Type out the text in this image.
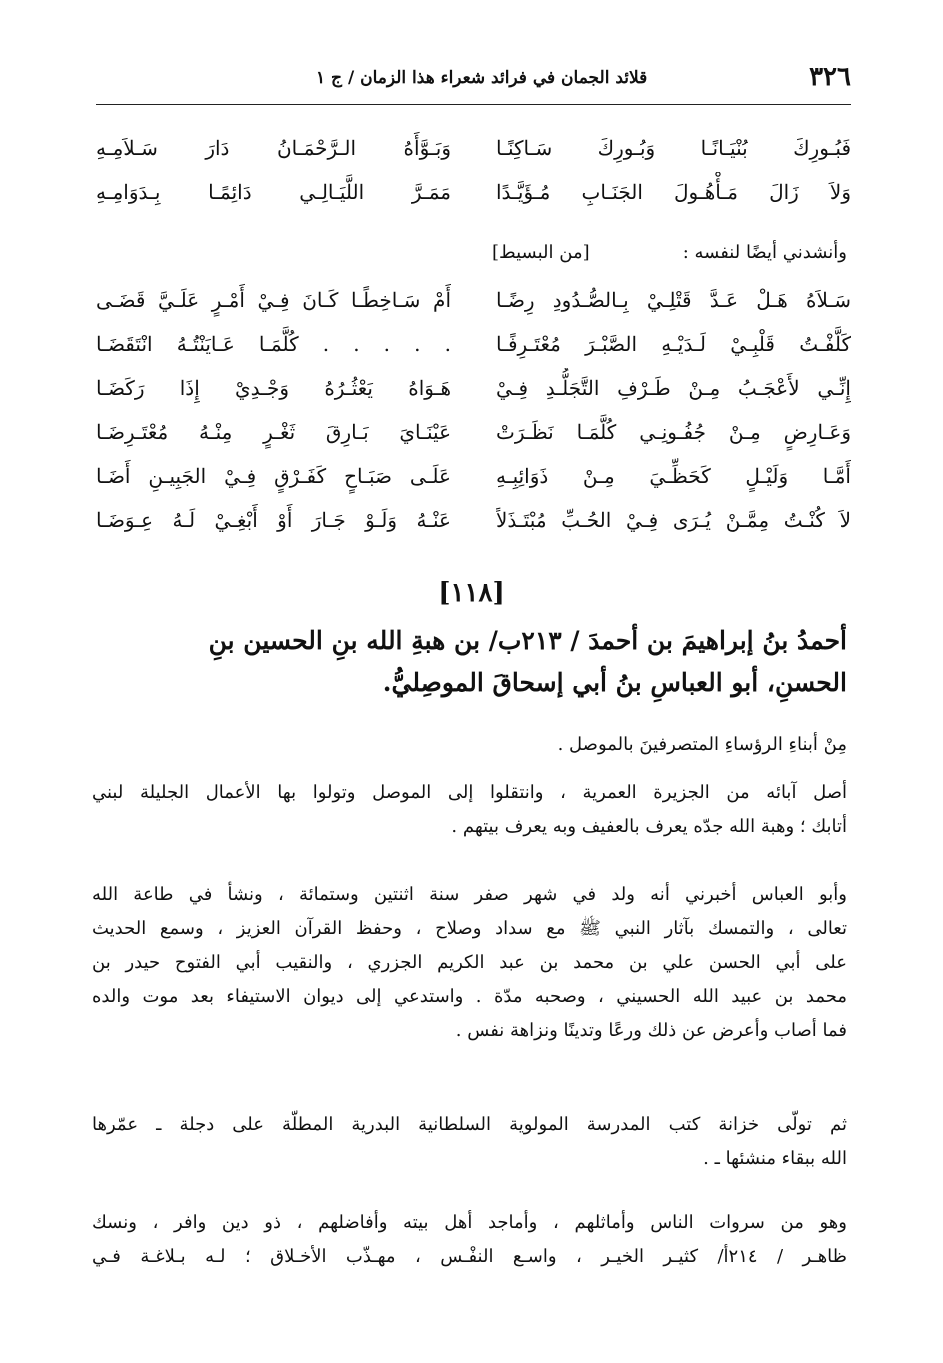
٣٢٦
قلائد الجمان في فرائد شعراء هذا الزمان / ج ١
فَبُـورِكَ بُنْيَـانًـا وَبُـورِكَ سَـاكِنًـا
وَبَـوَّأَهُ الـرَّحْمَـانُ دَارَ سَـلاَمِـهِ
وَلاَ زَالَ مَـأْهُـولَ الجَنَـابِ مُـؤَيَّـدًا
مَمَـرَّ اللَّيَـالِـي دَائِمًـا بِـدَوَامِـهِ
وأنشدني أيضًا لنفسه :
[من البسيط]
سَـلاَهُ هَـلْ عَـدَّ قَتْلِـيْ بِـالصُّـدُودِ رِضًـا
أَمْ سَـاخِطًـا كَـانَ فِـيْ أَمْـرٍ عَلَـيَّ قَضَـى
كَلَّفْـتُ قَلْبِـيْ لَـدَيْـهِ الصَّبْـرَ مُعْتَـرِفًـا
. . . . . كُلَّمَـا عَـايَنْتُـهُ انْتَقَضَـا
إِنِّـي لأَعْجَـبُ مِـنْ طَـرْفِ التَّجَلُّـدِ فِـيْ
هَـوَاهُ يَعْثُـرُهُ وَجْـدِيْ إِذَا رَكَضَـا
وَعَـارِضٍ مِـنْ جُفُـونِـي كُلَّمَـا نَظَـرَتْ
عَيْنَـايَ بَـارِقَ ثَغْـرٍ مِنْـهُ مُعْتَـرِضَـا
أَمَّـا وَلَيْـلٍ كَحَظِّـيَ مِـنْ ذَوَائِبِـهِ
عَلَـى صَبَـاحٍ كَفَـرْقٍ فِـيْ الجَبِيـنِ أَضَـا
لاَ كُنْـتُ مِمَّـنْ يُـرَى فِـيْ الحُـبِّ مُبْتَـذَلاً
عَنْـهُ وَلَـوْ جَـارَ أَوْ أَبْغِـيْ لَـهُ عِـوَضَـا
[١١٨]
أحمدُ بنُ إبراهيمَ بن أحمدَ / ٢١٣ب/ بن هبةِ الله بنِ الحسين بنِ
الحسنِ، أبو العباسِ بنُ أبي إسحاقَ الموصِليُّ.
مِنْ أبناءِ الرؤساءِ المتصرفينَ بالموصل .
أصل آبائه من الجزيرة العمرية ، وانتقلوا إلى الموصل وتولوا بها الأعمال الجليلة لبني
أتابك ؛ وهبة الله جدّه يعرف بالعفيف وبه يعرف بيتهم .
وأبو العباس أخبرني أنه ولد في شهر صفر سنة اثنتين وستمائة ، ونشأ في طاعة الله
تعالى ، والتمسك بآثار النبي ﷺ مع سداد وصلاح ، وحفظ القرآن العزيز ، وسمع الحديث
على أبي الحسن علي بن محمد بن عبد الكريم الجزري ، والنقيب أبي الفتوح حيدر بن
محمد بن عبيد الله الحسيني ، وصحبه مدّة . واستدعي إلى ديوان الاستيفاء بعد موت والده
فما أصاب وأعرض عن ذلك ورعًا وتدينًا ونزاهة نفس .
ثم تولّى خزانة كتب المدرسة المولوية السلطانية البدرية المطلّة على دجلة ـ عمّرها
الله ببقاء منشئها ـ .
وهو من سروات الناس وأماثلهم ، وأماجد أهل بيته وأفاضلهم ، ذو دين وافر ، ونسك
ظاهـر / ٢١٤أ/ كثيـر الخيـر ، واسـع النفْـس ، مهـذّب الأخـلاق ؛ لـه بـلاغـة فـي
